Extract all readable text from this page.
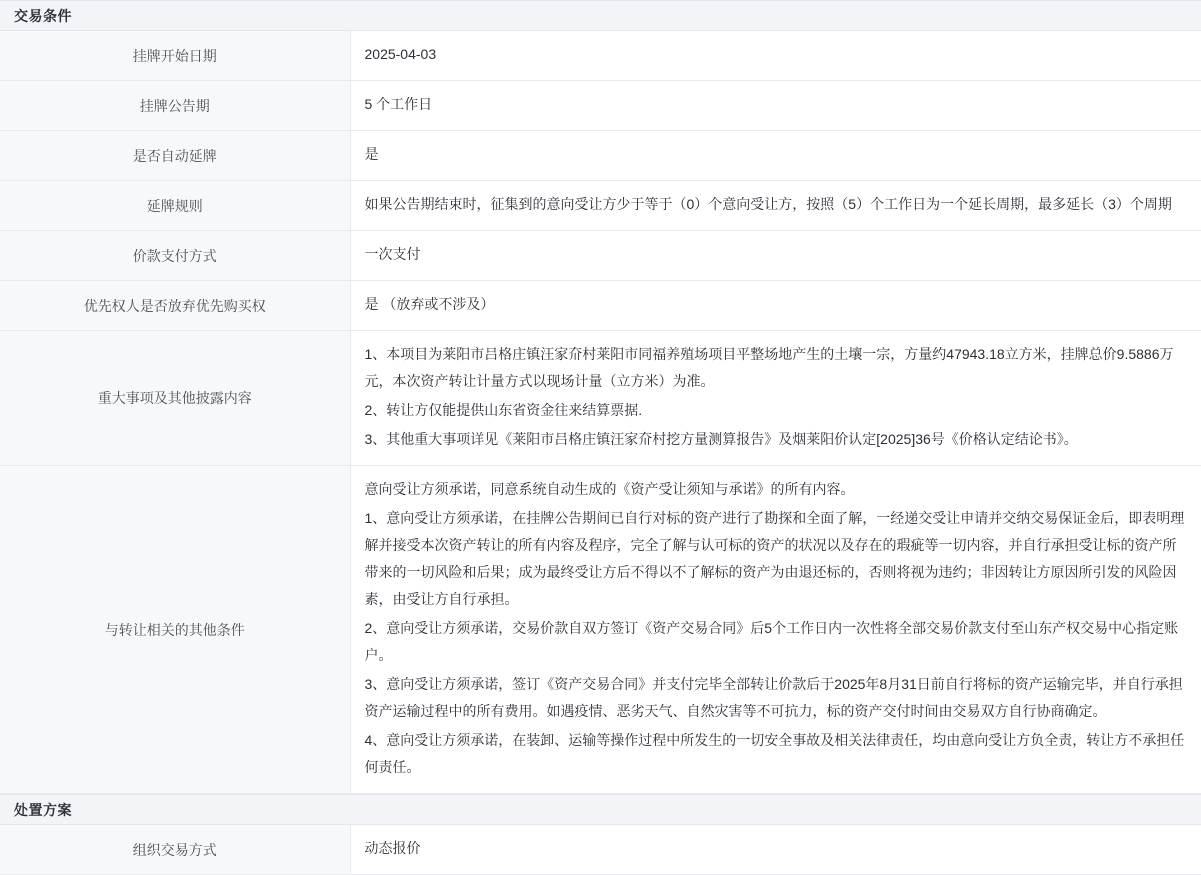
交易条件
挂牌开始日期	2025-04-03

挂牌公告期	5 个工作日

是否自动延牌	是

延牌规则	如果公告期结束时，征集到的意向受让方少于等于（0）个意向受让方，按照（5）个工作日为一个延长周期，最多延长（3）个周期

价款支付方式	一次支付

优先权人是否放弃优先购买权	是 （放弃或不涉及）

重大事项及其他披露内容	1、本项目为莱阳市吕格庄镇汪家夼村莱阳市同福养殖场项目平整场地产生的土壤一宗，方量约47943.18立方米，挂牌总价9.5886万元，本次资产转让计量方式以现场计量（立方米）为准。

2、转让方仅能提供山东省资金往来结算票据.

3、其他重大事项详见《莱阳市吕格庄镇汪家夼村挖方量测算报告》及烟莱阳价认定[2025]36号《价格认定结论书》。

与转让相关的其他条件	意向受让方须承诺，同意系统自动生成的《资产受让须知与承诺》的所有内容。

1、意向受让方须承诺，在挂牌公告期间已自行对标的资产进行了勘探和全面了解，一经递交受让申请并交纳交易保证金后，即表明理解并接受本次资产转让的所有内容及程序，完全了解与认可标的资产的状况以及存在的瑕疵等一切内容，并自行承担受让标的资产所带来的一切风险和后果；成为最终受让方后不得以不了解标的资产为由退还标的，否则将视为违约；非因转让方原因所引发的风险因素，由受让方自行承担。

2、意向受让方须承诺，交易价款自双方签订《资产交易合同》后5个工作日内一次性将全部交易价款支付至山东产权交易中心指定账户。

3、意向受让方须承诺，签订《资产交易合同》并支付完毕全部转让价款后于2025年8月31日前自行将标的资产运输完毕，并自行承担资产运输过程中的所有费用。如遇疫情、恶劣天气、自然灾害等不可抗力，标的资产交付时间由交易双方自行协商确定。

4、意向受让方须承诺，在装卸、运输等操作过程中所发生的一切安全事故及相关法律责任，均由意向受让方负全责，转让方不承担任何责任。

处置方案
组织交易方式	动态报价
